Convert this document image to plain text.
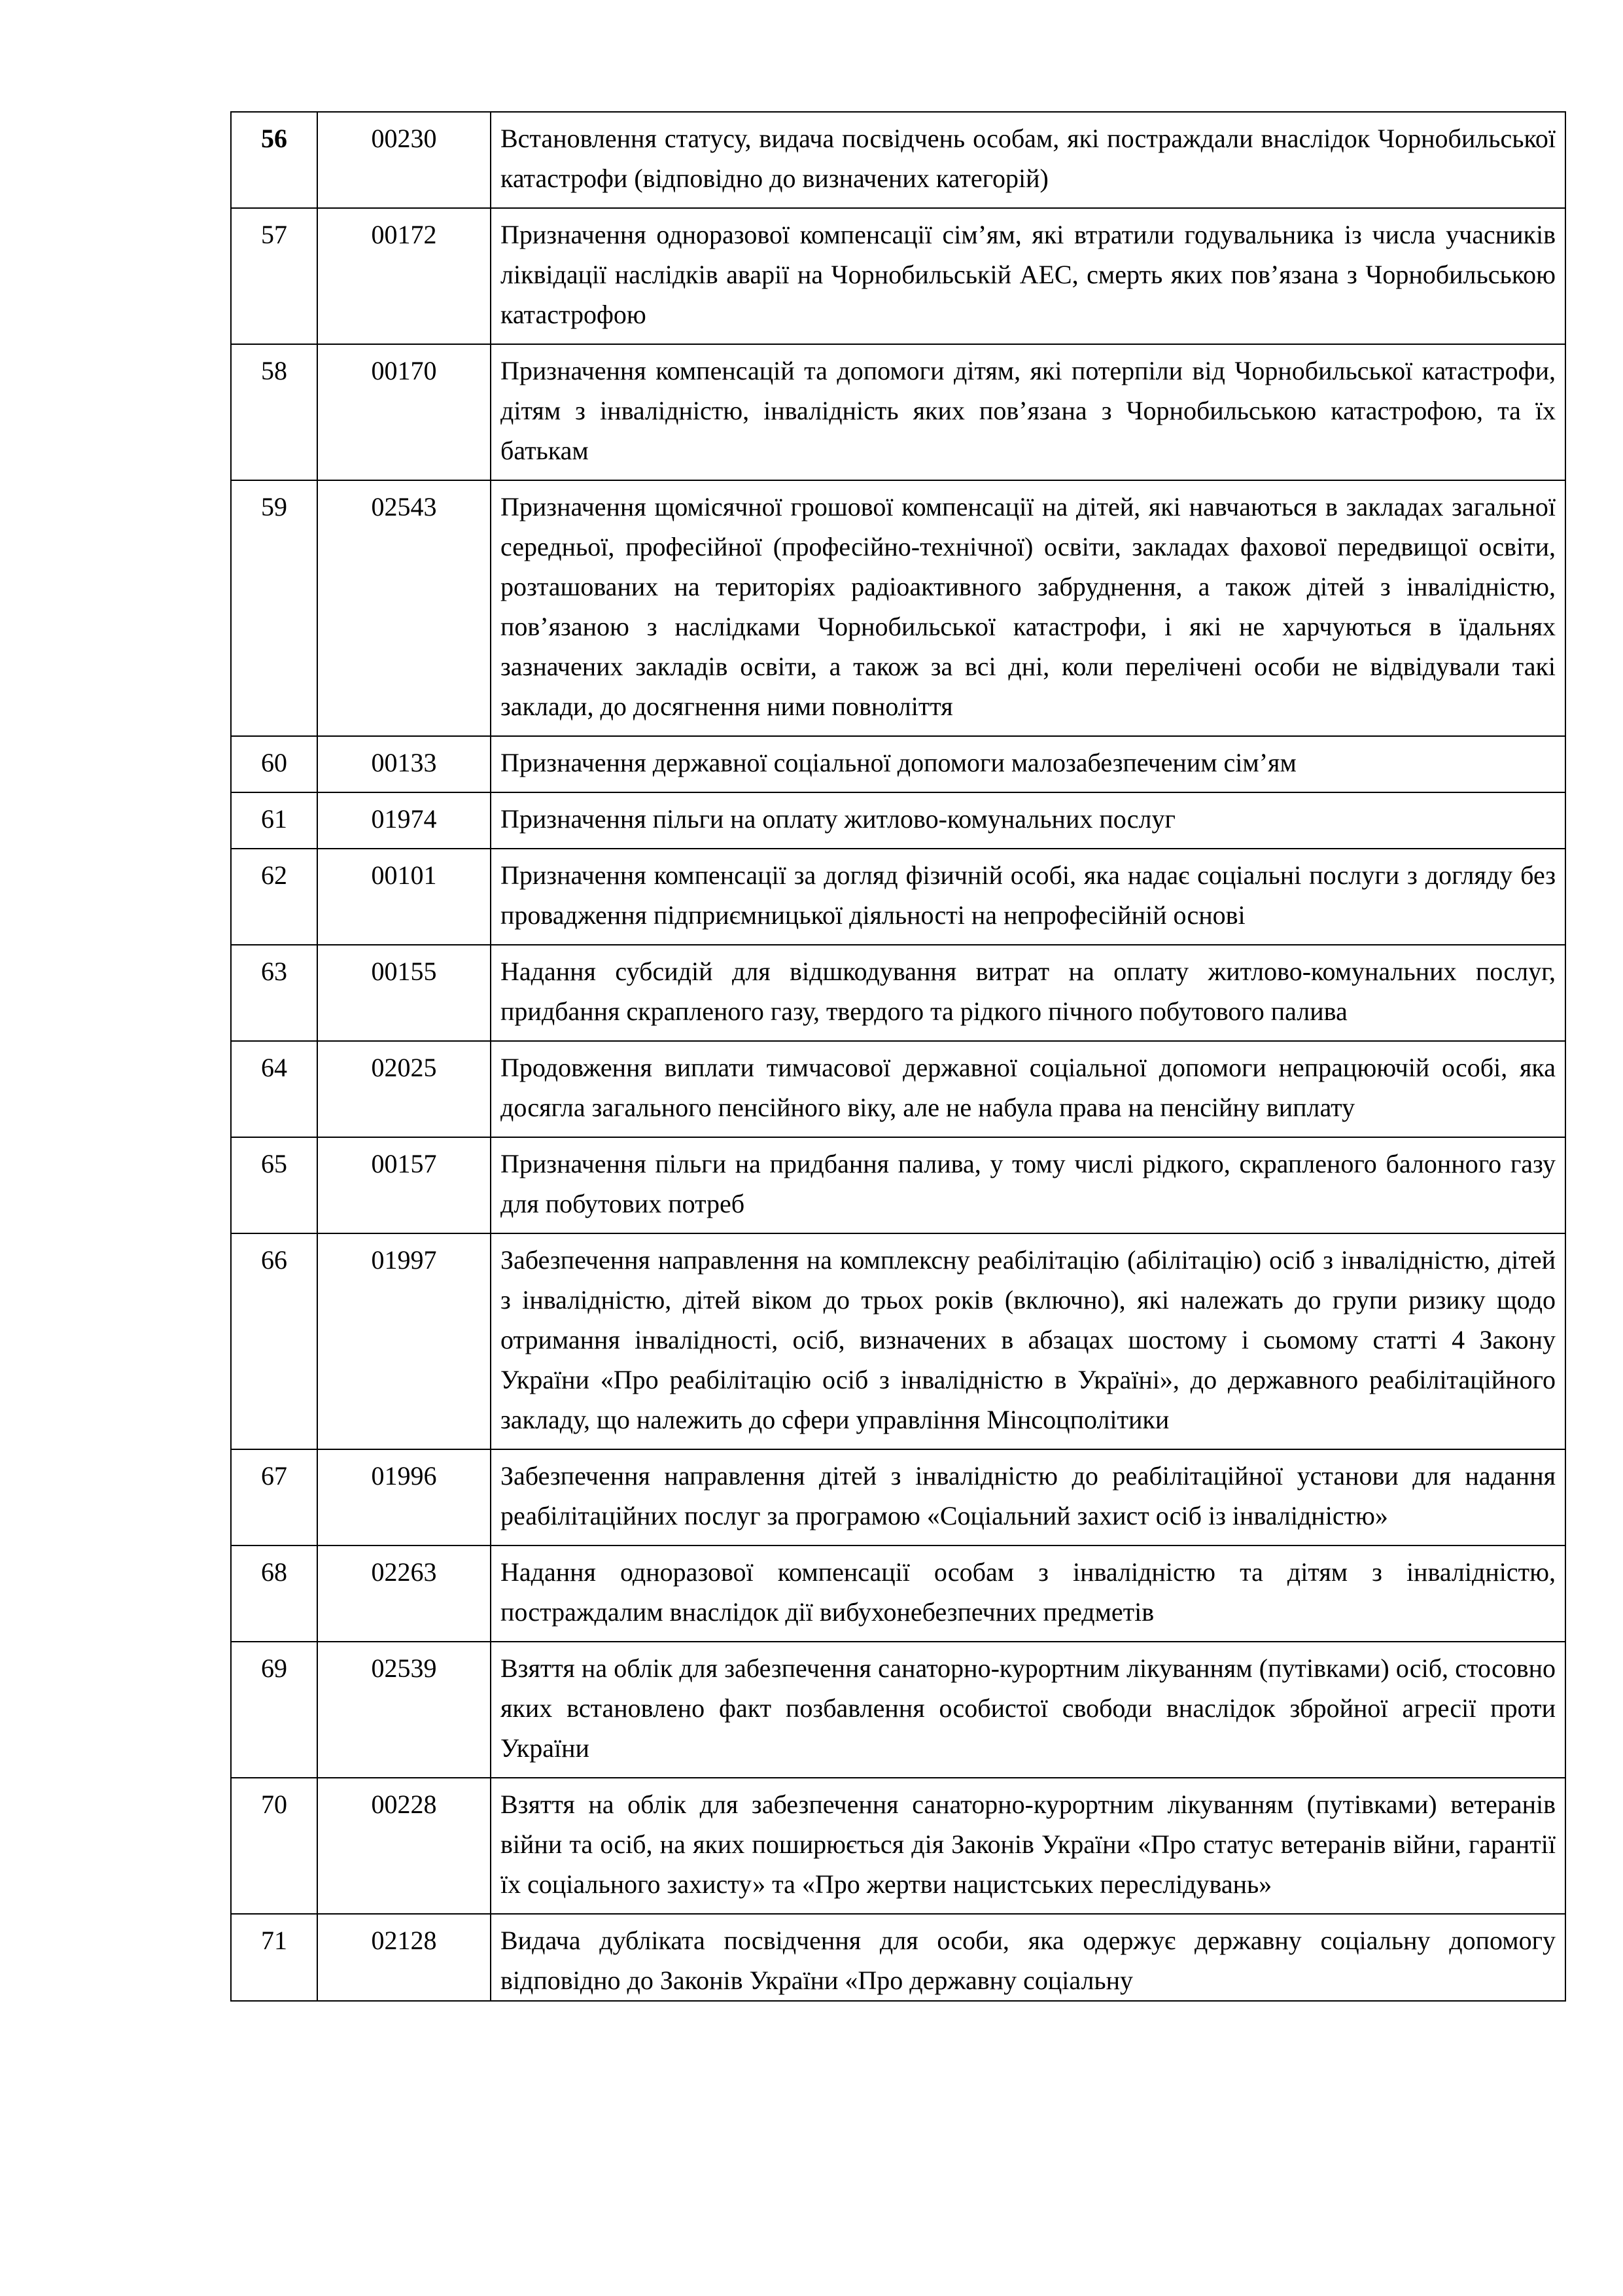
56	00230	Встановлення статусу, видача посвідчень особам, які постраждали внаслідок Чорнобильської катастрофи (відповідно до визначених категорій)
57	00172	Призначення одноразової компенсації сім’ям, які втратили годувальника із числа учасників ліквідації наслідків аварії на Чорнобильській АЕС, смерть яких пов’язана з Чорнобильською катастрофою
58	00170	Призначення компенсацій та допомоги дітям, які потерпіли від Чорнобильської катастрофи, дітям з інвалідністю, інвалідність яких пов’язана з Чорнобильською катастрофою, та їх батькам
59	02543	Призначення щомісячної грошової компенсації на дітей, які навчаються в закладах загальної середньої, професійної (професійно-технічної) освіти, закладах фахової передвищої освіти, розташованих на територіях радіоактивного забруднення, а також дітей з інвалідністю, пов’язаною з наслідками Чорнобильської катастрофи, і які не харчуються в їдальнях зазначених закладів освіти, а також за всі дні, коли перелічені особи не відвідували такі заклади, до досягнення ними повноліття
60	00133	Призначення державної соціальної допомоги малозабезпеченим сім’ям
61	01974	Призначення пільги на оплату житлово-комунальних послуг
62	00101	Призначення компенсації за догляд фізичній особі, яка надає соціальні послуги з догляду без провадження підприємницької діяльності на непрофесійній основі
63	00155	Надання субсидій для відшкодування витрат на оплату житлово-комунальних послуг, придбання скрапленого газу, твердого та рідкого пічного побутового палива
64	02025	Продовження виплати тимчасової державної соціальної допомоги непрацюючій особі, яка досягла загального пенсійного віку, але не набула права на пенсійну виплату
65	00157	Призначення пільги на придбання палива, у тому числі рідкого, скрапленого балонного газу для побутових потреб
66	01997	Забезпечення направлення на комплексну реабілітацію (абілітацію) осіб з інвалідністю, дітей з інвалідністю, дітей віком до трьох років (включно), які належать до групи ризику щодо отримання інвалідності, осіб, визначених в абзацах шостому і сьомому статті 4 Закону України «Про реабілітацію осіб з інвалідністю в Україні», до державного реабілітаційного закладу, що належить до сфери управління Мінсоцполітики
67	01996	Забезпечення направлення дітей з інвалідністю до реабілітаційної установи для надання реабілітаційних послуг за програмою «Соціальний захист осіб із інвалідністю»
68	02263	Надання одноразової компенсації особам з інвалідністю та дітям з інвалідністю, постраждалим внаслідок дії вибухонебезпечних предметів
69	02539	Взяття на облік для забезпечення санаторно-курортним лікуванням (путівками) осіб, стосовно яких встановлено факт позбавлення особистої свободи внаслідок збройної агресії проти України
70	00228	Взяття на облік для забезпечення санаторно-курортним лікуванням (путівками) ветеранів війни та осіб, на яких поширюється дія Законів України «Про статус ветеранів війни, гарантії їх соціального захисту» та «Про жертви нацистських переслідувань»
71	02128	Видача дубліката посвідчення для особи, яка одержує державну соціальну допомогу відповідно до Законів України «Про державну соціальну
